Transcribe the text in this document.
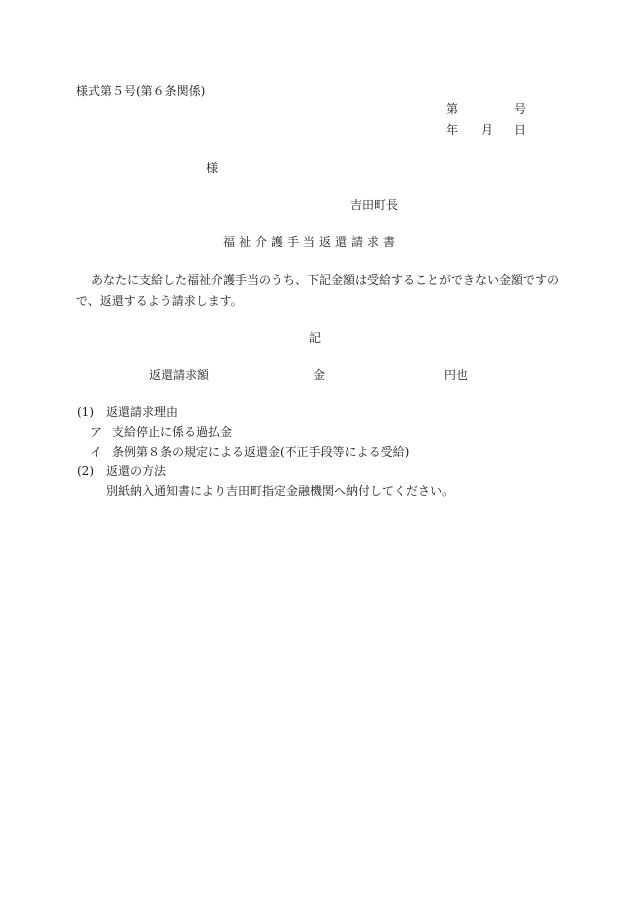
様式第５号(第６条関係)
第	号
年 月 日
様
吉田町長
福祉介護手当返還請求書
あなたに支給した福祉介護手当のうち、下記金額は受給することができない金額ですの
で、返還するよう請求します。
記
返還請求額	金	円也
(1) 返還請求理由
ア 支給停止に係る過払金
イ 条例第８条の規定による返還金(不正手段等による受給)
(2) 返還の方法
別紙納入通知書により吉田町指定金融機関へ納付してください。
